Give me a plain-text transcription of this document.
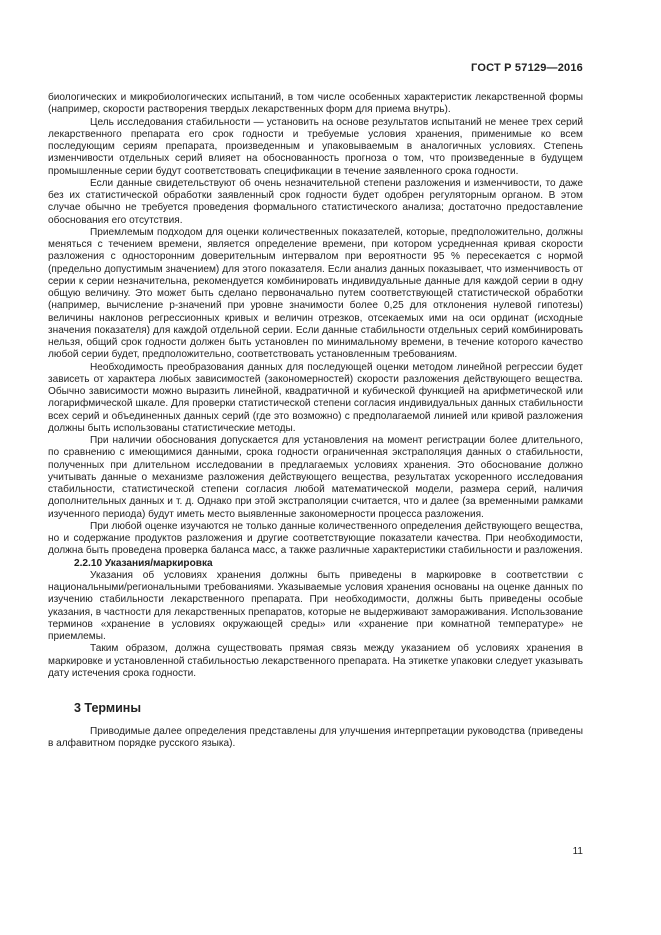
ГОСТ Р 57129—2016

биологических и микробиологических испытаний, в том числе особенных характеристик лекарственной формы (например, скорости растворения твердых лекарственных форм для приема внутрь).

Цель исследования стабильности — установить на основе результатов испытаний не менее трех серий лекарственного препарата его срок годности и требуемые условия хранения, применимые ко всем последующим сериям препарата, произведенным и упаковываемым в аналогичных условиях. Степень изменчивости отдельных серий влияет на обоснованность прогноза о том, что произведенные в будущем промышленные серии будут соответствовать спецификации в течение заявленного срока годности.

Если данные свидетельствуют об очень незначительной степени разложения и изменчивости, то даже без их статистической обработки заявленный срок годности будет одобрен регуляторным органом. В этом случае обычно не требуется проведения формального статистического анализа; достаточно предоставление обоснования его отсутствия.

Приемлемым подходом для оценки количественных показателей, которые, предположительно, должны меняться с течением времени, является определение времени, при котором усредненная кривая скорости разложения с односторонним доверительным интервалом при вероятности 95 % пересекается с нормой (предельно допустимым значением) для этого показателя. Если анализ данных показывает, что изменчивость от серии к серии незначительна, рекомендуется комбинировать индивидуальные данные для каждой серии в одну общую величину. Это может быть сделано первоначально путем соответствующей статистической обработки (например, вычисление p-значений при уровне значимости более 0,25 для отклонения нулевой гипотезы) величины наклонов регрессионных кривых и величин отрезков, отсекаемых ими на оси ординат (исходные значения показателя) для каждой отдельной серии. Если данные стабильности отдельных серий комбинировать нельзя, общий срок годности должен быть установлен по минимальному времени, в течение которого качество любой серии будет, предположительно, соответствовать установленным требованиям.

Необходимость преобразования данных для последующей оценки методом линейной регрессии будет зависеть от характера любых зависимостей (закономерностей) скорости разложения действующего вещества. Обычно зависимости можно выразить линейной, квадратичной и кубической функцией на арифметической или логарифмической шкале. Для проверки статистической степени согласия индивидуальных данных стабильности всех серий и объединенных данных серий (где это возможно) с предполагаемой линией или кривой разложения должны быть использованы статистические методы.

При наличии обоснования допускается для установления на момент регистрации более длительного, по сравнению с имеющимися данными, срока годности ограниченная экстраполяция данных о стабильности, полученных при длительном исследовании в предлагаемых условиях хранения. Это обоснование должно учитывать данные о механизме разложения действующего вещества, результатах ускоренного исследования стабильности, статистической степени согласия любой математической модели, размера серий, наличия дополнительных данных и т. д. Однако при этой экстраполяции считается, что и далее (за временными рамками изученного периода) будут иметь место выявленные закономерности процесса разложения.

При любой оценке изучаются не только данные количественного определения действующего вещества, но и содержание продуктов разложения и другие соответствующие показатели качества. При необходимости, должна быть проведена проверка баланса масс, а также различные характеристики стабильности и разложения.

2.2.10 Указания/маркировка

Указания об условиях хранения должны быть приведены в маркировке в соответствии с национальными/региональными требованиями. Указываемые условия хранения основаны на оценке данных по изучению стабильности лекарственного препарата. При необходимости, должны быть приведены особые указания, в частности для лекарственных препаратов, которые не выдерживают замораживания. Использование терминов «хранение в условиях окружающей среды» или «хранение при комнатной температуре» не приемлемы.

Таким образом, должна существовать прямая связь между указанием об условиях хранения в маркировке и установленной стабильностью лекарственного препарата. На этикетке упаковки следует указывать дату истечения срока годности.

3 Термины

Приводимые далее определения представлены для улучшения интерпретации руководства (приведены в алфавитном порядке русского языка).

11
